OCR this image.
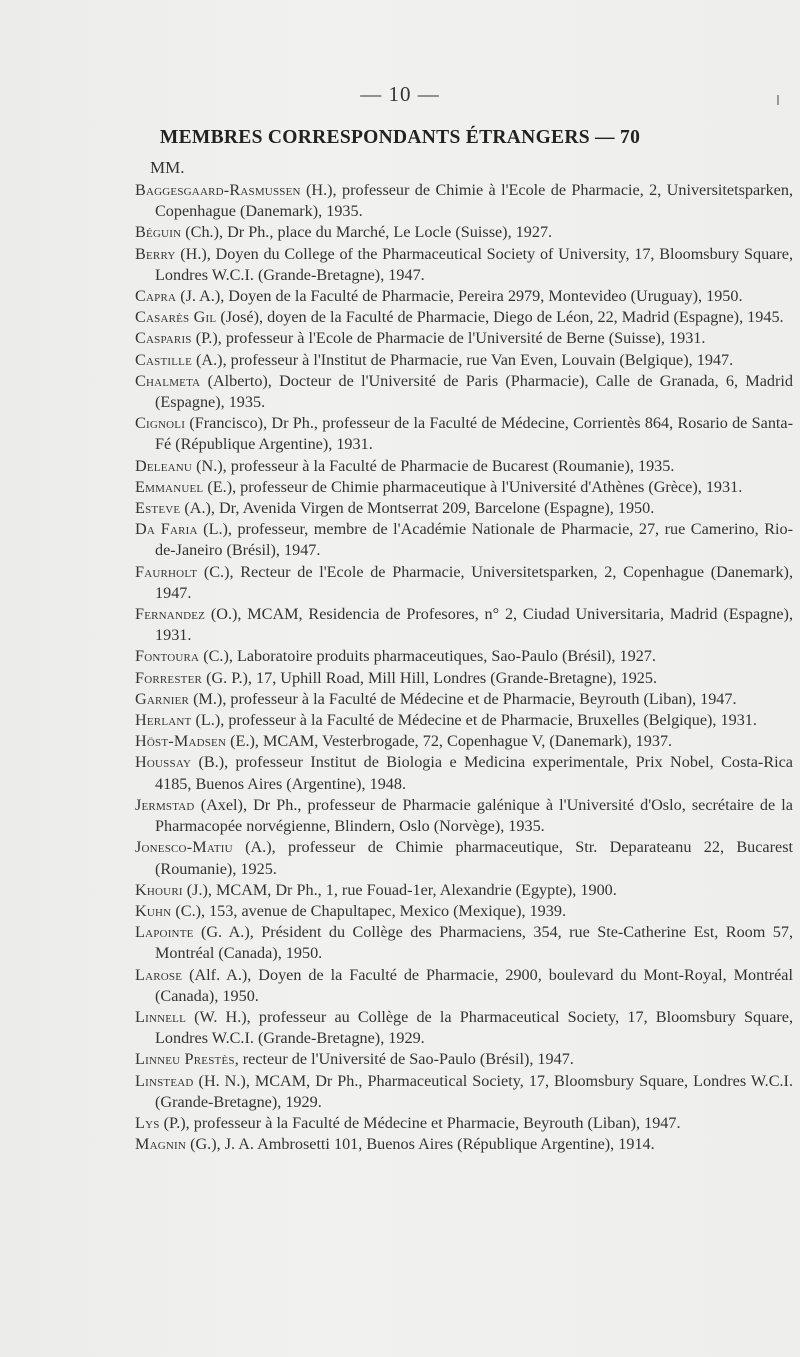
— 10 —
MEMBRES CORRESPONDANTS ÉTRANGERS — 70
MM.

Baggesgaard-Rasmussen (H.), professeur de Chimie à l'Ecole de Pharmacie, 2, Universitetsparken, Copenhague (Danemark), 1935.

Béguin (Ch.), Dr Ph., place du Marché, Le Locle (Suisse), 1927.

Berry (H.), Doyen du College of the Pharmaceutical Society of University, 17, Bloomsbury Square, Londres W.C.I. (Grande-Bretagne), 1947.

Capra (J. A.), Doyen de la Faculté de Pharmacie, Pereira 2979, Montevideo (Uruguay), 1950.

Casarès Gil (José), doyen de la Faculté de Pharmacie, Diego de Léon, 22, Madrid (Espagne), 1945.

Casparis (P.), professeur à l'Ecole de Pharmacie de l'Université de Berne (Suisse), 1931.

Castille (A.), professeur à l'Institut de Pharmacie, rue Van Even, Louvain (Belgique), 1947.

Chalmeta (Alberto), Docteur de l'Université de Paris (Pharmacie), Calle de Granada, 6, Madrid (Espagne), 1935.

Cignoli (Francisco), Dr Ph., professeur de la Faculté de Médecine, Corrientès 864, Rosario de Santa-Fé (République Argentine), 1931.

Deleanu (N.), professeur à la Faculté de Pharmacie de Bucarest (Roumanie), 1935.

Emmanuel (E.), professeur de Chimie pharmaceutique à l'Université d'Athènes (Grèce), 1931.

Esteve (A.), Dr, Avenida Virgen de Montserrat 209, Barcelone (Espagne), 1950.

Da Faria (L.), professeur, membre de l'Académie Nationale de Pharmacie, 27, rue Camerino, Rio-de-Janeiro (Brésil), 1947.

Faurholt (C.), Recteur de l'Ecole de Pharmacie, Universitetsparken, 2, Copenhague (Danemark), 1947.

Fernandez (O.), MCAM, Residencia de Profesores, n° 2, Ciudad Universitaria, Madrid (Espagne), 1931.

Fontoura (C.), Laboratoire produits pharmaceutiques, Sao-Paulo (Brésil), 1927.

Forrester (G. P.), 17, Uphill Road, Mill Hill, Londres (Grande-Bretagne), 1925.

Garnier (M.), professeur à la Faculté de Médecine et de Pharmacie, Beyrouth (Liban), 1947.

Herlant (L.), professeur à la Faculté de Médecine et de Pharmacie, Bruxelles (Belgique), 1931.

Höst-Madsen (E.), MCAM, Vesterbrogade, 72, Copenhague V, (Danemark), 1937.

Houssay (B.), professeur Institut de Biologia e Medicina experimentale, Prix Nobel, Costa-Rica 4185, Buenos Aires (Argentine), 1948.

Jermstad (Axel), Dr Ph., professeur de Pharmacie galénique à l'Université d'Oslo, secrétaire de la Pharmacopée norvégienne, Blindern, Oslo (Norvège), 1935.

Jonesco-Matiu (A.), professeur de Chimie pharmaceutique, Str. Deparateanu 22, Bucarest (Roumanie), 1925.

Khouri (J.), MCAM, Dr Ph., 1, rue Fouad-1er, Alexandrie (Egypte), 1900.

Kuhn (C.), 153, avenue de Chapultapec, Mexico (Mexique), 1939.

Lapointe (G. A.), Président du Collège des Pharmaciens, 354, rue Ste-Catherine Est, Room 57, Montréal (Canada), 1950.

Larose (Alf. A.), Doyen de la Faculté de Pharmacie, 2900, boulevard du Mont-Royal, Montréal (Canada), 1950.

Linnell (W. H.), professeur au Collège de la Pharmaceutical Society, 17, Bloomsbury Square, Londres W.C.I. (Grande-Bretagne), 1929.

Linneu Prestès, recteur de l'Université de Sao-Paulo (Brésil), 1947.

Linstead (H. N.), MCAM, Dr Ph., Pharmaceutical Society, 17, Bloomsbury Square, Londres W.C.I. (Grande-Bretagne), 1929.

Lys (P.), professeur à la Faculté de Médecine et Pharmacie, Beyrouth (Liban), 1947.

Magnin (G.), J. A. Ambrosetti 101, Buenos Aires (République Argentine), 1914.
